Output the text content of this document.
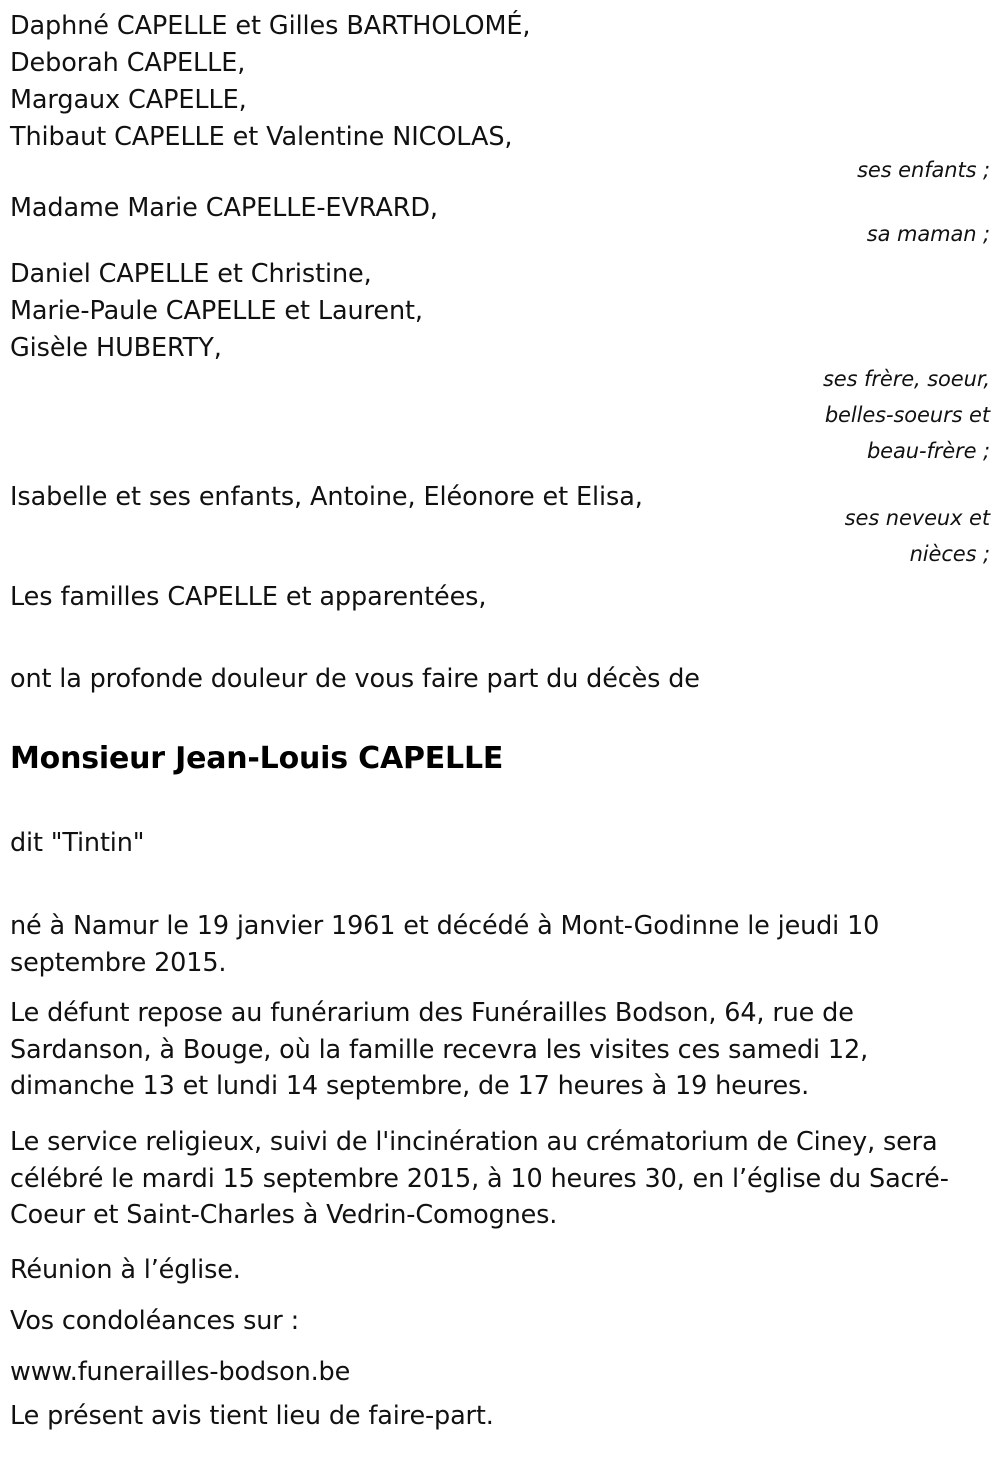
Daphné CAPELLE et Gilles BARTHOLOMÉ,
Deborah CAPELLE,
Margaux CAPELLE,
Thibaut CAPELLE et Valentine NICOLAS,
ses enfants ;
Madame Marie CAPELLE-EVRARD,
sa maman ;
Daniel CAPELLE et Christine,
Marie-Paule CAPELLE et Laurent,
Gisèle HUBERTY,
ses frère, soeur,
belles-soeurs et
beau-frère ;
Isabelle et ses enfants, Antoine, Eléonore et Elisa,
ses neveux et
nièces ;
Les familles CAPELLE et apparentées,
ont la profonde douleur de vous faire part du décès de
Monsieur Jean-Louis CAPELLE
dit "Tintin"
né à Namur le 19 janvier 1961 et décédé à Mont-Godinne le jeudi 10 septembre 2015.
Le défunt repose au funérarium des Funérailles Bodson, 64, rue de Sardanson, à Bouge, où la famille recevra les visites ces samedi 12, dimanche 13 et lundi 14 septembre, de 17 heures à 19 heures.
Le service religieux, suivi de l'incinération au crématorium de Ciney, sera célébré le mardi 15 septembre 2015, à 10 heures 30, en l’église du Sacré-Coeur et Saint-Charles à Vedrin-Comognes.
Réunion à l’église.
Vos condoléances sur :
www.funerailles-bodson.be
Le présent avis tient lieu de faire-part.
